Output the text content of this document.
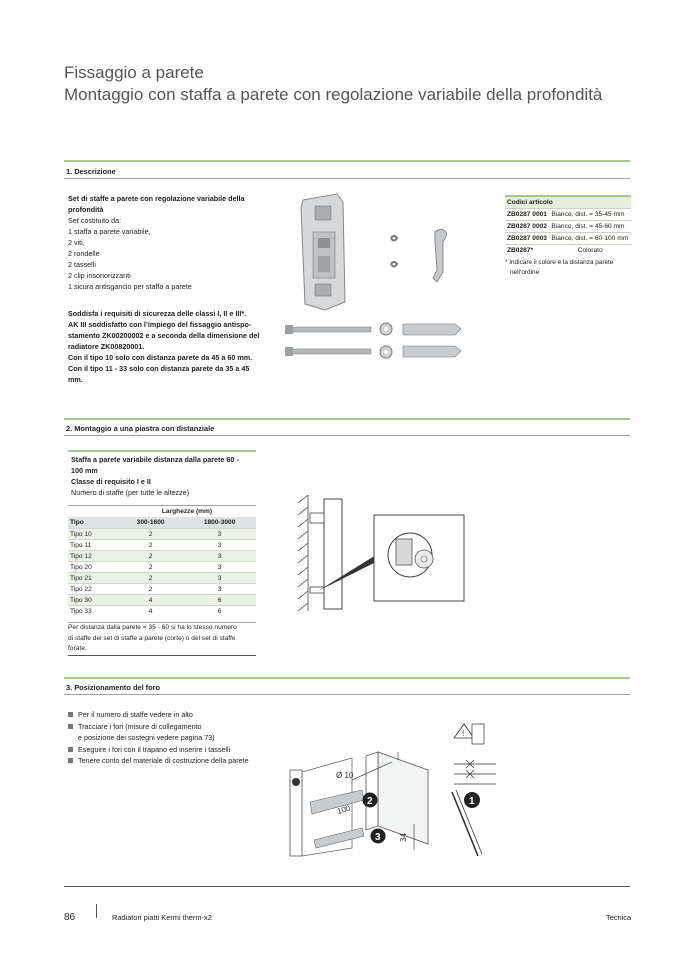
Fissaggio a parete
Montaggio con staffa a parete con regolazione variabile della profondità
1. Descrizione
Set di staffe a parete con regolazione variabile della profondità
Set costituito da:
1 staffa a parete variabile,
2 viti,
2 rondelle
2 tasselli
2 clip insonorizzanti
1 sicura antisgancio per staffa a parete
Soddisfa i requisiti di sicurezza delle classi I, II e III*.
AK III soddisfatto con l’impiego del fissaggio antispo-
stamento ZK00200002 e a seconda della dimensione del
radiatore ZK00820001.
Con il tipo 10 solo con distanza parete da 45 a 60 mm.
Con il tipo 11 - 33 solo con distanza parete da 35 a 45
mm.
Codici articolo	
ZB0287 0001	Bianco, dist. = 35-45 mm
ZB0287 0002	Bianco, dist. = 45-60 mm
ZB0287 0003	Bianco, dist. = 60-100 mm
ZB0287*	Colorato
* Indicare il colore e la distanza parete
nell’ordine
2. Montaggio a una piastra con distanziale
Staffa a parete variabile distanza dalla parete 60 -
100 mm
Classe di requisito I e II
Numero di staffe (per tutte le altezze)
	Larghezze (mm)	
Tipo	300-1600	1800-3000
Tipo 10	2	3
Tipo 11	2	3
Tipo 12	2	3
Tipo 20	2	3
Tipo 21	2	3
Tipo 22	2	3
Tipo 30	4	6
Tipo 33	4	6
Per distanza dalla parete = 35 - 60 si ha lo stesso numero
di staffe del set di staffe a parete (corte) o del set di staffe
forate.
3. Posizionamento del foro
Per il numero di staffe vedere in alto
Tracciare i fori (misure di collegamento
e posizione dei sostegni vedere pagina 73)
Eseguire i fori con il trapano ed inserire i tasselli
Tenere conto del materiale di costruzione della parete
34
Ø 10
100
!
1
2
3
86	Radiatori piatti Kermi therm-x2	Tecnica
